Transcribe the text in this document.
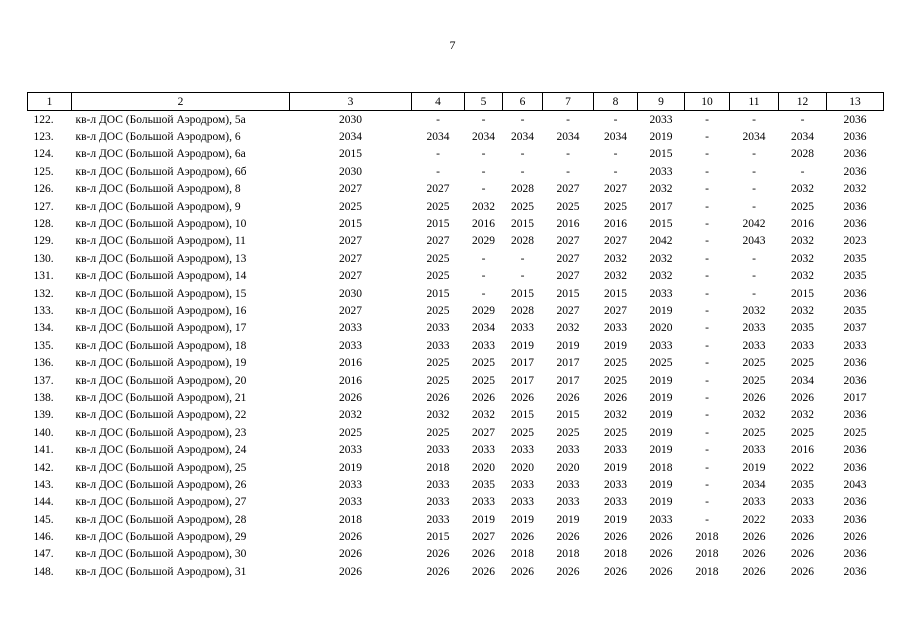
7
1	2	3	4	5	6	7	8	9	10	11	12	13
122.	кв-л ДОС (Большой Аэродром), 5а	2030	-	-	-	-	-	2033	-	-	-	2036
123.	кв-л ДОС (Большой Аэродром), 6	2034	2034	2034	2034	2034	2034	2019	-	2034	2034	2036
124.	кв-л ДОС (Большой Аэродром), 6а	2015	-	-	-	-	-	2015	-	-	2028	2036
125.	кв-л ДОС (Большой Аэродром), 6б	2030	-	-	-	-	-	2033	-	-	-	2036
126.	кв-л ДОС (Большой Аэродром), 8	2027	2027	-	2028	2027	2027	2032	-	-	2032	2032
127.	кв-л ДОС (Большой Аэродром), 9	2025	2025	2032	2025	2025	2025	2017	-	-	2025	2036
128.	кв-л ДОС (Большой Аэродром), 10	2015	2015	2016	2015	2016	2016	2015	-	2042	2016	2036
129.	кв-л ДОС (Большой Аэродром), 11	2027	2027	2029	2028	2027	2027	2042	-	2043	2032	2023
130.	кв-л ДОС (Большой Аэродром), 13	2027	2025	-	-	2027	2032	2032	-	-	2032	2035
131.	кв-л ДОС (Большой Аэродром), 14	2027	2025	-	-	2027	2032	2032	-	-	2032	2035
132.	кв-л ДОС (Большой Аэродром), 15	2030	2015	-	2015	2015	2015	2033	-	-	2015	2036
133.	кв-л ДОС (Большой Аэродром), 16	2027	2025	2029	2028	2027	2027	2019	-	2032	2032	2035
134.	кв-л ДОС (Большой Аэродром), 17	2033	2033	2034	2033	2032	2033	2020	-	2033	2035	2037
135.	кв-л ДОС (Большой Аэродром), 18	2033	2033	2033	2019	2019	2019	2033	-	2033	2033	2033
136.	кв-л ДОС (Большой Аэродром), 19	2016	2025	2025	2017	2017	2025	2025	-	2025	2025	2036
137.	кв-л ДОС (Большой Аэродром), 20	2016	2025	2025	2017	2017	2025	2019	-	2025	2034	2036
138.	кв-л ДОС (Большой Аэродром), 21	2026	2026	2026	2026	2026	2026	2019	-	2026	2026	2017
139.	кв-л ДОС (Большой Аэродром), 22	2032	2032	2032	2015	2015	2032	2019	-	2032	2032	2036
140.	кв-л ДОС (Большой Аэродром), 23	2025	2025	2027	2025	2025	2025	2019	-	2025	2025	2025
141.	кв-л ДОС (Большой Аэродром), 24	2033	2033	2033	2033	2033	2033	2019	-	2033	2016	2036
142.	кв-л ДОС (Большой Аэродром), 25	2019	2018	2020	2020	2020	2019	2018	-	2019	2022	2036
143.	кв-л ДОС (Большой Аэродром), 26	2033	2033	2035	2033	2033	2033	2019	-	2034	2035	2043
144.	кв-л ДОС (Большой Аэродром), 27	2033	2033	2033	2033	2033	2033	2019	-	2033	2033	2036
145.	кв-л ДОС (Большой Аэродром), 28	2018	2033	2019	2019	2019	2019	2033	-	2022	2033	2036
146.	кв-л ДОС (Большой Аэродром), 29	2026	2015	2027	2026	2026	2026	2026	2018	2026	2026	2026
147.	кв-л ДОС (Большой Аэродром), 30	2026	2026	2026	2018	2018	2018	2026	2018	2026	2026	2036
148.	кв-л ДОС (Большой Аэродром), 31	2026	2026	2026	2026	2026	2026	2026	2018	2026	2026	2036
